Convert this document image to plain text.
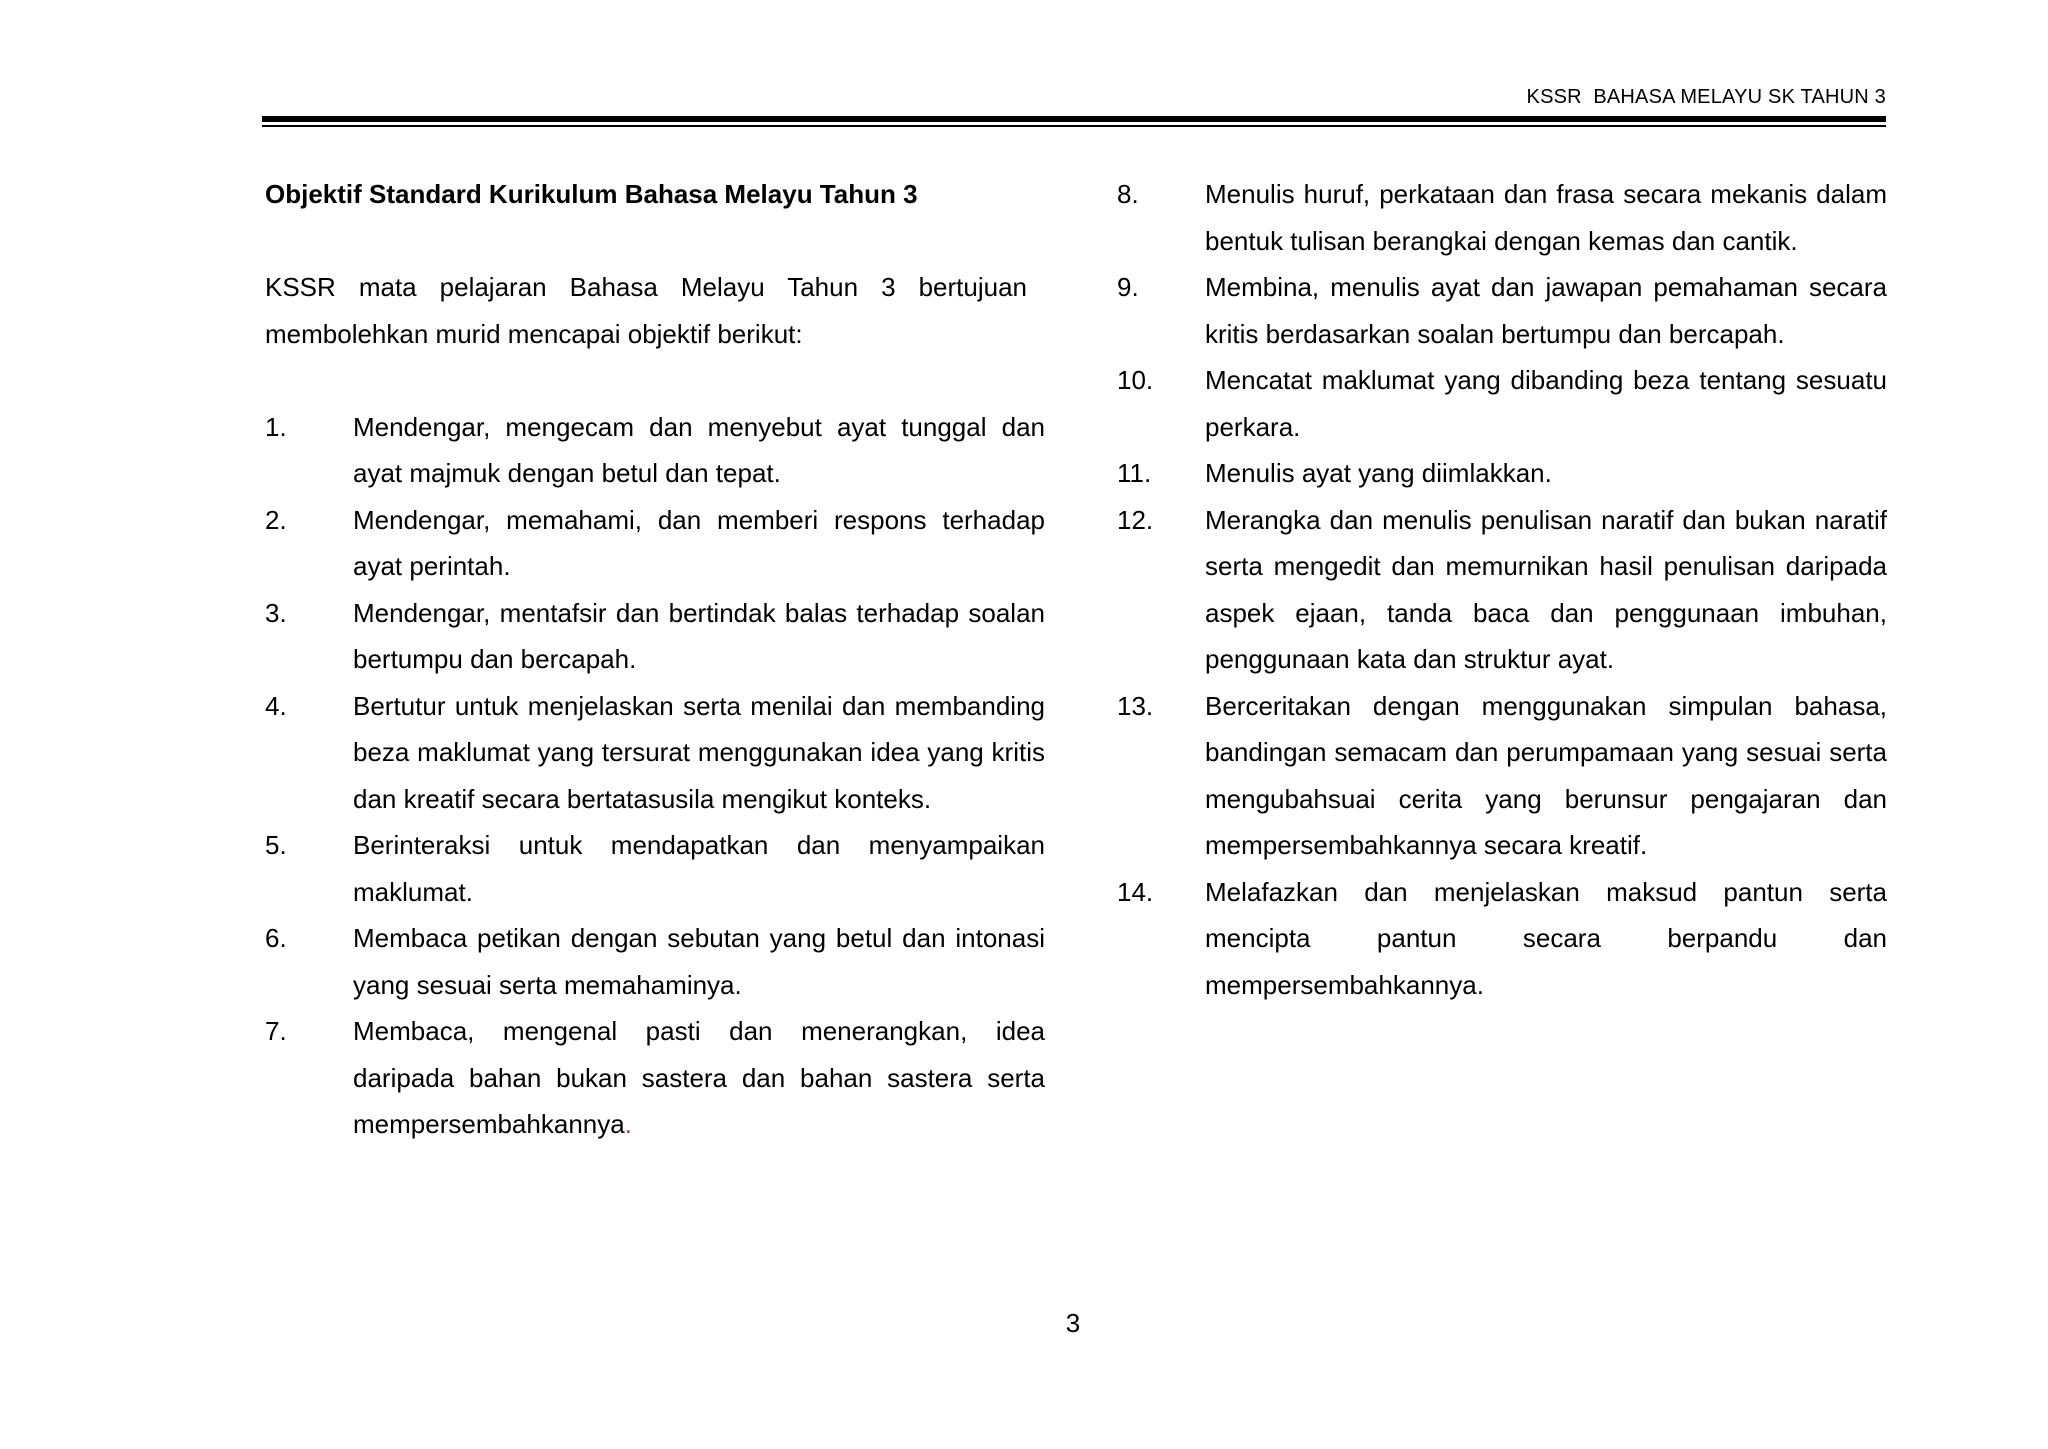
KSSR  BAHASA MELAYU SK TAHUN 3

Objektif Standard Kurikulum Bahasa Melayu Tahun 3

KSSR mata pelajaran Bahasa Melayu Tahun 3 bertujuan membolehkan murid mencapai objektif berikut:

1.	Mendengar, mengecam dan menyebut ayat tunggal dan ayat majmuk dengan betul dan tepat.
2.	Mendengar, memahami, dan memberi respons terhadap ayat perintah.
3.	Mendengar, mentafsir dan bertindak balas terhadap soalan bertumpu dan bercapah.
4.	Bertutur untuk menjelaskan serta menilai dan membanding beza maklumat yang tersurat menggunakan idea yang kritis dan kreatif secara bertatasusila mengikut konteks.
5.	Berinteraksi untuk mendapatkan dan menyampaikan maklumat.
6.	Membaca petikan dengan sebutan yang betul dan intonasi yang sesuai serta memahaminya.
7.	Membaca, mengenal pasti dan menerangkan, idea daripada bahan bukan sastera dan bahan sastera serta mempersembahkannya.
8.	Menulis huruf, perkataan dan frasa secara mekanis dalam bentuk tulisan berangkai dengan kemas dan cantik.
9.	Membina, menulis ayat dan jawapan pemahaman secara kritis berdasarkan soalan bertumpu dan bercapah.
10.	Mencatat maklumat yang dibanding beza tentang sesuatu perkara.
11.	Menulis ayat yang diimlakkan.
12.	Merangka dan menulis penulisan naratif dan bukan naratif serta mengedit dan memurnikan hasil penulisan daripada aspek ejaan, tanda baca dan penggunaan imbuhan, penggunaan kata dan struktur ayat.
13.	Berceritakan dengan menggunakan simpulan bahasa, bandingan semacam dan perumpamaan yang sesuai serta mengubahsuai cerita yang berunsur pengajaran dan mempersembahkannya secara kreatif.
14.	Melafazkan dan menjelaskan maksud pantun serta mencipta pantun secara berpandu dan mempersembahkannya.
3
